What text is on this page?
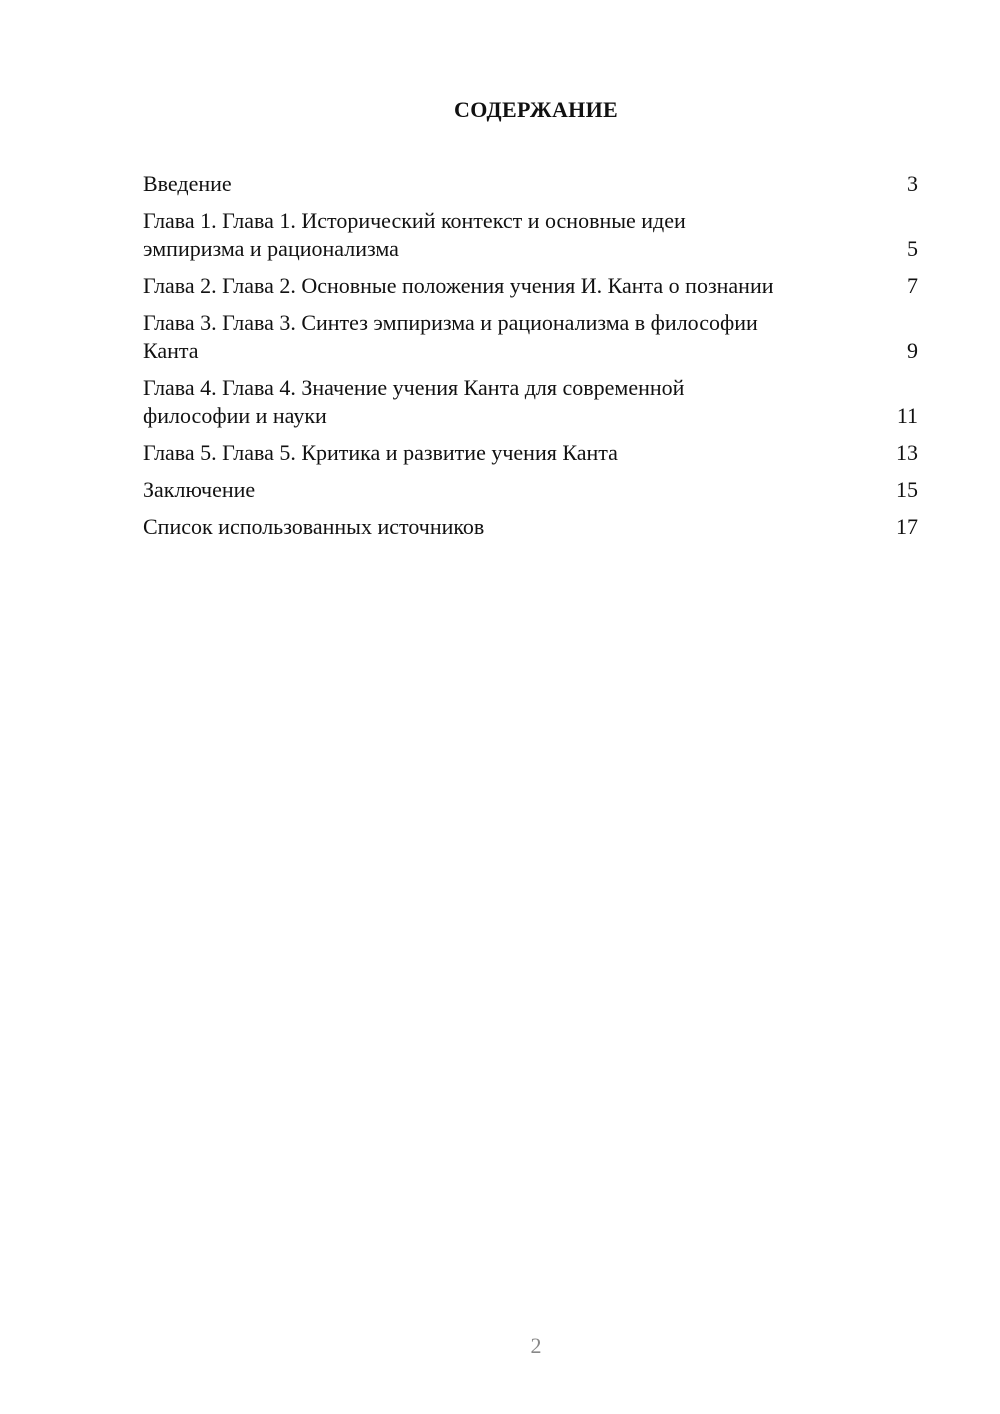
СОДЕРЖАНИЕ
Введение	3
Глава 1. Глава 1. Исторический контекст и основные идеи эмпиризма и рационализма	5
Глава 2. Глава 2. Основные положения учения И. Канта о познании	7
Глава 3. Глава 3. Синтез эмпиризма и рационализма в философии Канта	9
Глава 4. Глава 4. Значение учения Канта для современной философии и науки	11
Глава 5. Глава 5. Критика и развитие учения Канта	13
Заключение	15
Список использованных источников	17
2
